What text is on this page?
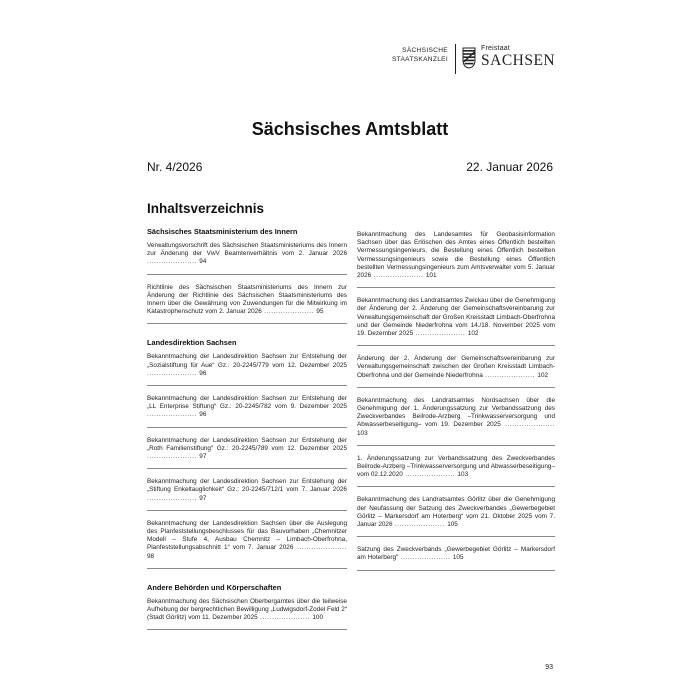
SÄCHSISCHE
STAATSKANZLEI
Freistaat
SACHSEN
Sächsisches Amtsblatt
Nr. 4/2026	22. Januar 2026
Inhaltsverzeichnis
Sächsisches Staatsministerium des Innern
Verwaltungsvorschrift des Sächsischen Staatsministeriums des Innern zur Änderung der VwV Beamtenverhältnis vom 2. Januar 2026 ..................... 94
Richtlinie des Sächsischen Staatsministeriums des Innern zur Änderung der Richtlinie des Sächsischen Staatsministeriums des Innern über die Gewährung von Zuwendungen für die Mitwirkung im Katastrophenschutz vom 2. Januar 2026 ..................... 95
Landesdirektion Sachsen
Bekanntmachung der Landesdirektion Sachsen zur Entstehung der „Sozialstiftung für Aue“ Gz.: 20-2245/779 vom 12. Dezember 2025 ..................... 96
Bekanntmachung der Landesdirektion Sachsen zur Entstehung der „LL Enterprise Stiftung“ Gz.: 20-2245/782 vom 9. Dezember 2025 ..................... 96
Bekanntmachung der Landesdirektion Sachsen zur Entstehung der „Roth Familienstiftung“ Gz.: 20-2245/789 vom 12. Dezember 2025 ..................... 97
Bekanntmachung der Landesdirektion Sachsen zur Entstehung der „Stiftung Enkeltauglichkeit“ Gz.: 20-2245/712/1 vom 7. Januar 2026 ..................... 97
Bekanntmachung der Landesdirektion Sachsen über die Auslegung des Planfeststellungsbeschlusses für das Bauvorhaben „Chemnitzer Modell – Stufe 4, Ausbau Chemnitz – Limbach-Oberfrohna, Planfeststellungsabschnitt 1“ vom 7. Januar 2026 ..................... 98
Andere Behörden und Körperschaften
Bekanntmachung des Sächsischen Oberbergamtes über die teilweise Aufhebung der bergrechtlichen Bewilligung „Ludwigsdorf-Zodel Feld 2“ (Stadt Görlitz) vom 11. Dezember 2025 ..................... 100
Bekanntmachung des Landesamtes für Geobasisinformation Sachsen über das Erlöschen des Amtes eines Öffentlich bestellten Vermessungsingenieurs, die Bestellung eines Öffentlich bestellten Vermessungsingenieurs sowie die Bestellung eines Öffentlich bestellten Vermessungsingenieurs zum Amtsverwalter vom 5. Januar 2026 ..................... 101
Bekanntmachung des Landratsamtes Zwickau über die Genehmigung der Änderung der 2. Änderung der Gemeinschaftsvereinbarung zur Verwaltungsgemeinschaft der Großen Kreisstadt Limbach-Oberfrohna und der Gemeinde Niederfrohna vom 14./18. November 2025 vom 19. Dezember 2025 ..................... 102
Änderung der 2. Änderung der Gemeinschaftsvereinbarung zur Verwaltungsgemeinschaft zwischen der Großen Kreisstadt Limbach-Oberfrohna und der Gemeinde Niederfrohna ..................... 102
Bekanntmachung des Landratsamtes Nordsachsen über die Genehmigung der 1. Änderungssatzung zur Verbandssatzung des Zweckverbandes Beilrode-Arzberg –Trinkwasserversorgung und Abwasserbeseitigung– vom 19. Dezember 2025 ..................... 103
1. Änderungssatzung zur Verbandssatzung des Zweckverbandes Beilrode-Arzberg –Trinkwasserversorgung und Abwasserbeseitigung– vom 02.12.2020 ..................... 103
Bekanntmachung des Landratsamtes Görlitz über die Genehmigung der Neufassung der Satzung des Zweckverbandes „Gewerbegebiet Görlitz – Markersdorf am Hoterberg“ vom 21. Oktober 2025 vom 7. Januar 2026 ..................... 105
Satzung des Zweckverbands „Gewerbegebiet Görlitz – Markersdorf am Hoterberg“ ..................... 105
93
